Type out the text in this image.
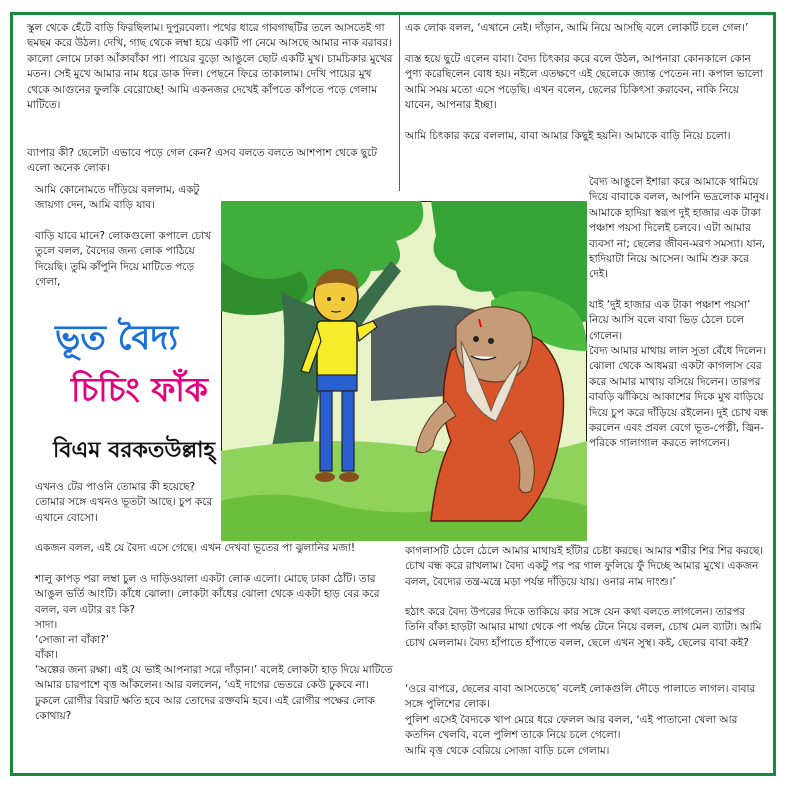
স্কুল থেকে হেঁটে বাড়ি ফিরছিলাম। দুপুরবেলা। পথের ধারে গাবগাছটির তলে আসতেই গা ছমছম করে উঠল। দেখি, গাছ থেকে লম্বা হয়ে একটি পা নেমে আসছে আমার নাক বরাবর। কালো লোমে ঢাকা আঁকাবাঁকা পা। পায়ের বুড়ো আঙুলে ছোট একটি মুখ। চামচিকার মুখের মতন। সেই মুখে আমার নাম ধরে ডাক দিল। পেছনে ফিরে তাকালাম। দেখি পায়ের মুখ থেকে আগুনের ফুলকি বেরোচ্ছে! আমি একনজর দেখেই কাঁপতে কাঁপতে পড়ে গেলাম মাটিতে।

ব্যাপার কী? ছেলেটা এভাবে পড়ে গেল কেন? এসব বলতে বলতে আশপাশ থেকে ছুটে এলো অনেক লোক।

আমি কোনোমতে দাঁড়িয়ে বললাম, একটু জায়গা দেন, আমি বাড়ি যাব।

বাড়ি যাবে মানে? লোকগুলো কপালে চোখ তুলে বলল, বৈদ্যের জন্য লোক পাঠিয়ে দিয়েছি। তুমি কাঁপুনি দিয়ে মাটিতে পড়ে গেলা,

ভূত বৈদ্য
চিচিং ফাঁক
বিএম বরকতউল্লাহ্

এখনও টের পাওনি তোমার কী হয়েছে? তোমার সঙ্গে এখনও ভূতটা আছে। চুপ করে এখানে বোসো।

একজন বলল, এই যে বৈদ্য এসে গেছে। এখন দেখবা ভূতের পা ঝুলানির মজা!

শালু কাপড় পরা লম্বা চুল ও দাড়িওয়ালা একটা লোক এলো। মোছে ঢাকা ঠোঁট। তার আঙুল ভর্তি আংটি। কাঁধে ঝোলা। লোকটা কাঁধের ঝোলা থেকে একটা হাড় বের করে বলল, বল এটার রং কি?

সাদা।

‘সোজা না বাঁকা?’

বাঁকা।

‘অল্পের জন্য রক্ষা। এই যে ভাই আপনারা সরে দাঁড়ান।’ বলেই লোকটা হাড় দিয়ে মাটিতে আমার চারপাশে বৃত্ত আঁকলেন। আর বললেন, ‘এই দাগের ভেতরে কেউ ঢুকবে না। ঢুকলে রোগীর বিরাট ক্ষতি হবে আর তোদের রক্তবমি হবে। এই রোগীর পক্ষের লোক কোথায়?

এক লোক বলল, ‘এখানে নেই। দাঁড়ান, আমি নিয়ে আসছি বলে লোকটি চলে গেল।’

ব্যস্ত হয়ে ছুটে এলেন বাবা। বৈদ্য চিৎকার করে বলে উঠল, আপনারা কোনকালে কোন পুণ্য করেছিলেন বোধ হয়। নইলে এতক্ষণে এই ছেলেকে জ্যান্ত পেতেন না। কপাল ভালো আমি সময় মতো এসে পড়েছি। এখন বলেন, ছেলের চিকিৎসা করাবেন, নাকি নিয়ে যাবেন, আপনার ইচ্ছা।

আমি চিৎকার করে বললাম, বাবা আমার কিছুই হয়নি। আমাকে বাড়ি নিয়ে চলো।

বৈদ্য আঙুলে ইশারা করে আমাকে থামিয়ে দিয়ে বাবাকে বলল, আপনি ভদ্রলোক মানুষ। আমাকে হাদিয়া স্বরূপ দুই হাজার এক টাকা পঞ্চাশ পয়সা দিলেই চলবে। এটা আমার ব্যবসা না; ছেলের জীবন-মরণ সমস্যা। যান, হাদিয়াটা নিয়ে আসেন। আমি শুরু করে দেই।

যাই ‘দুই হাজার এক টাকা পঞ্চাশ পয়সা’ নিয়ে আসি বলে বাবা ভিড় ঠেলে চলে গেলেন।

বৈদ্য আমার মাথায় লাল সুতা বেঁধে দিলেন। ঝোলা থেকে আধমরা একটা কাগলাস বের করে আমার মাথায় বসিয়ে দিলেন। তারপর বাবড়ি ঝাঁকিয়ে আকাশের দিকে মুখ বাড়িয়ে দিয়ে চুপ করে দাঁড়িয়ে রইলেন। দুই চোখ বন্ধ করলেন এবং প্রবল বেগে ভূত-পেত্নী, জ্বিন-পরিকে গালাগাল করতে লাগলেন।

কাগলাসটি ঠেলে ঠেলে আমার মাথায়ই হাঁটার চেষ্টা করছে। আমার শরীর শির শির করছে। চোখ বন্ধ করে রাখলাম। বৈদ্য একটু পর পর গাল ফুলিয়ে ফুঁ দিচ্ছে আমার মুখে। একজন বলল, বৈদ্যের তন্ত্র-মন্ত্রে মড়া পর্যন্ত দাঁড়িয়ে যায়। ওনার নাম দাংশু।’

হঠাৎ করে বৈদ্য উপরের দিকে তাকিয়ে কার সঙ্গে যেন কথা বলতে লাগলেন। তারপর তিনি বাঁকা হাড়টা আমার মাথা থেকে পা পর্যন্ত টেনে নিয়ে বলল, চোখ মেল ব্যাটা। আমি চোখ মেললাম। বৈদ্য হাঁপাতে হাঁপাতে বলল, ছেলে এখন সুস্থ। কই, ছেলের বাবা কই?

‘ওরে বাপরে, ছেলের বাবা আসতেছে’ বলেই লোকগুলি দৌড়ে পালাতে লাগল। বাবার সঙ্গে পুলিশের লোক।

পুলিশ এসেই বৈদ্যকে খাপ মেরে ধরে ফেলল আর বলল, ‘এই পাতানো খেলা আর কতদিন খেলবি, বলে পুলিশ তাকে নিয়ে চলে গেলো।

আমি বৃত্ত থেকে বেরিয়ে সোজা বাড়ি চলে গেলাম।
